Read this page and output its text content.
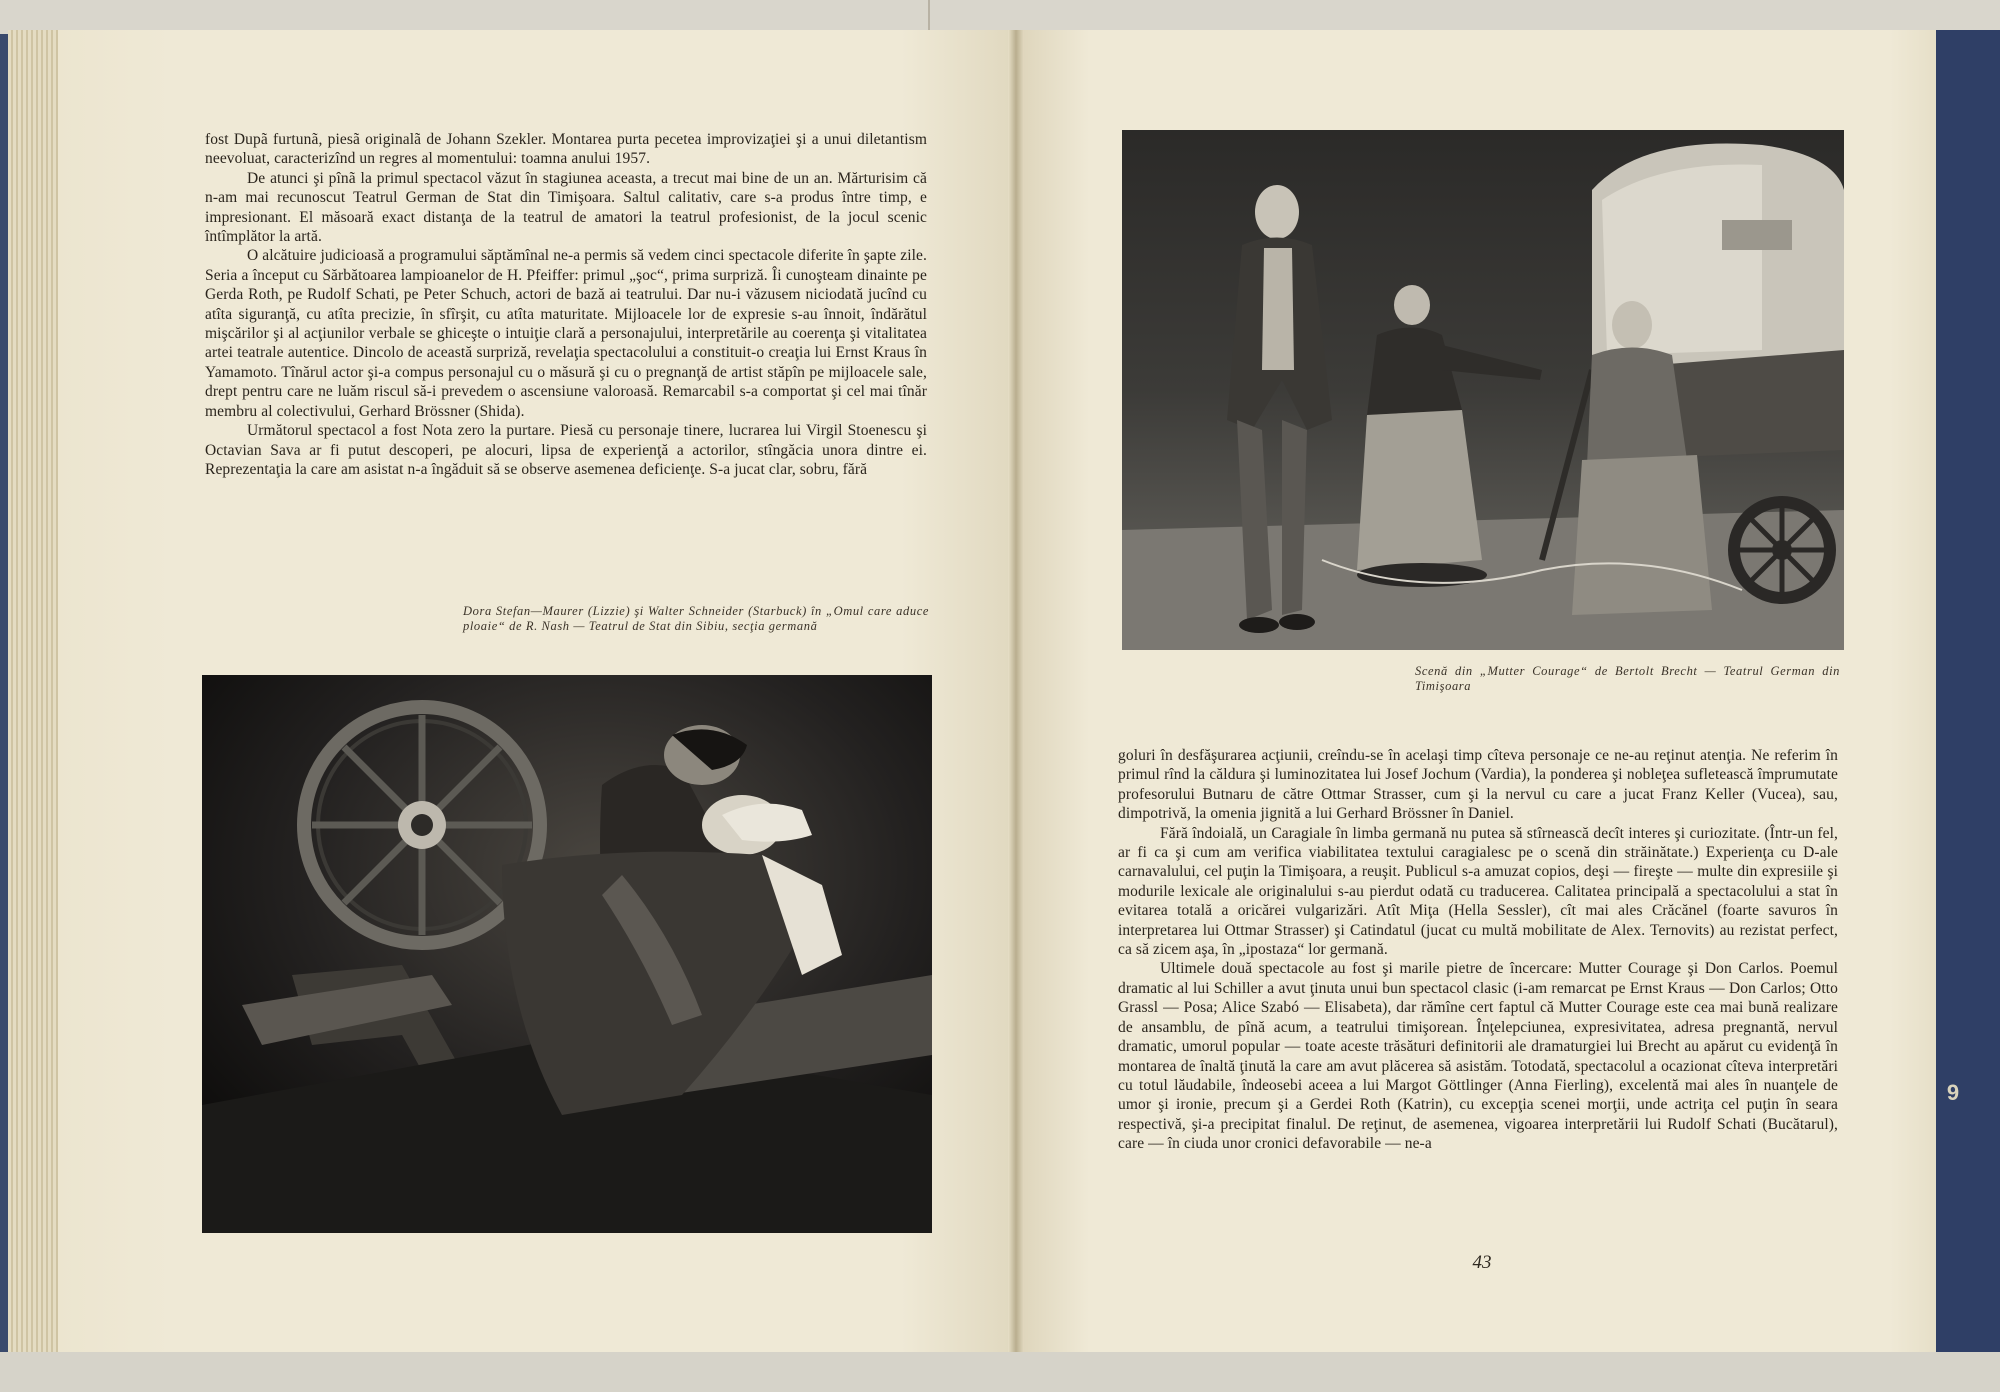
9

fost Dupã furtunã, piesã originalã de Johann Szekler. Montarea purta pecetea improvizaţiei şi a unui diletantism neevoluat, caracterizînd un regres al momentului: toamna anului 1957.

De atunci şi pînã la primul spectacol văzut în stagiunea aceasta, a trecut mai bine de un an. Mărturisim că n-am mai recunoscut Teatrul German de Stat din Timişoara. Saltul calitativ, care s-a produs între timp, e impresionant. El măsoară exact distanţa de la teatrul de amatori la teatrul profesionist, de la jocul scenic întîmplător la artă.

O alcătuire judicioasă a programului săptămînal ne-a permis să vedem cinci spectacole diferite în şapte zile. Seria a început cu Sărbătoarea lampioanelor de H. Pfeiffer: primul „şoc“, prima surpriză. Îi cunoşteam dinainte pe Gerda Roth, pe Rudolf Schati, pe Peter Schuch, actori de bază ai teatrului. Dar nu-i văzusem niciodată jucînd cu atîta siguranţă, cu atîta precizie, în sfîrşit, cu atîta maturitate. Mijloacele lor de expresie s-au înnoit, îndărătul mişcărilor şi al acţiunilor verbale se ghiceşte o intuiţie clară a personajului, interpretările au coerenţa şi vitalitatea artei teatrale autentice. Dincolo de această surpriză, revelaţia spectacolului a constituit-o creaţia lui Ernst Kraus în Yamamoto. Tînărul actor şi-a compus personajul cu o măsură şi cu o pregnanţă de artist stăpîn pe mijloacele sale, drept pentru care ne luăm riscul să-i prevedem o ascensiune valoroasă. Remarcabil s-a comportat şi cel mai tînăr membru al colectivului, Gerhard Brössner (Shida).

Următorul spectacol a fost Nota zero la purtare. Piesă cu personaje tinere, lucrarea lui Virgil Stoenescu şi Octavian Sava ar fi putut descoperi, pe alocuri, lipsa de experienţă a actorilor, stîngăcia unora dintre ei. Reprezentaţia la care am asistat n-a îngăduit să se observe asemenea deficienţe. S-a jucat clar, sobru, fără

Dora Stefan—Maurer (Lizzie) şi Walter Schneider (Starbuck) în „Omul care aduce ploaie“ de R. Nash — Teatrul de Stat din Sibiu, secţia germană
Scenă din „Mutter Courage“ de Bertolt Brecht — Teatrul German din Timişoara

goluri în desfăşurarea acţiunii, creîndu-se în acelaşi timp cîteva personaje ce ne-au reţinut atenţia. Ne referim în primul rînd la căldura şi luminozitatea lui Josef Jochum (Vardia), la ponderea şi nobleţea sufletească împrumutate profesorului Butnaru de către Ottmar Strasser, cum şi la nervul cu care a jucat Franz Keller (Vucea), sau, dimpotrivă, la omenia jignită a lui Gerhard Brössner în Daniel.

Fără îndoială, un Caragiale în limba germană nu putea să stîrnească decît interes şi curiozitate. (Într-un fel, ar fi ca şi cum am verifica viabilitatea textului caragialesc pe o scenă din străinătate.) Experienţa cu D-ale carnavalului, cel puţin la Timişoara, a reuşit. Publicul s-a amuzat copios, deşi — fireşte — multe din expresiile şi modurile lexicale ale originalului s-au pierdut odată cu traducerea. Calitatea principală a spectacolului a stat în evitarea totală a oricărei vulgarizări. Atît Miţa (Hella Sessler), cît mai ales Crăcănel (foarte savuros în interpretarea lui Ottmar Strasser) şi Catindatul (jucat cu multă mobilitate de Alex. Ternovits) au rezistat perfect, ca să zicem aşa, în „ipostaza“ lor germană.

Ultimele două spectacole au fost şi marile pietre de încercare: Mutter Courage şi Don Carlos. Poemul dramatic al lui Schiller a avut ţinuta unui bun spectacol clasic (i-am remarcat pe Ernst Kraus — Don Carlos; Otto Grassl — Posa; Alice Szabó — Elisabeta), dar rămîne cert faptul că Mutter Courage este cea mai bună realizare de ansamblu, de pînă acum, a teatrului timişorean. Înţelepciunea, expresivitatea, adresa pregnantă, nervul dramatic, umorul popular — toate aceste trăsături definitorii ale dramaturgiei lui Brecht au apărut cu evidenţă în montarea de înaltă ţinută la care am avut plăcerea să asistăm. Totodată, spectacolul a ocazionat cîteva interpretări cu totul lăudabile, îndeosebi aceea a lui Margot Göttlinger (Anna Fierling), excelentă mai ales în nuanţele de umor şi ironie, precum şi a Gerdei Roth (Katrin), cu excepţia scenei morţii, unde actriţa cel puţin în seara respectivă, şi-a precipitat finalul. De reţinut, de asemenea, vigoarea interpretării lui Rudolf Schati (Bucătarul), care — în ciuda unor cronici defavorabile — ne-a

43
